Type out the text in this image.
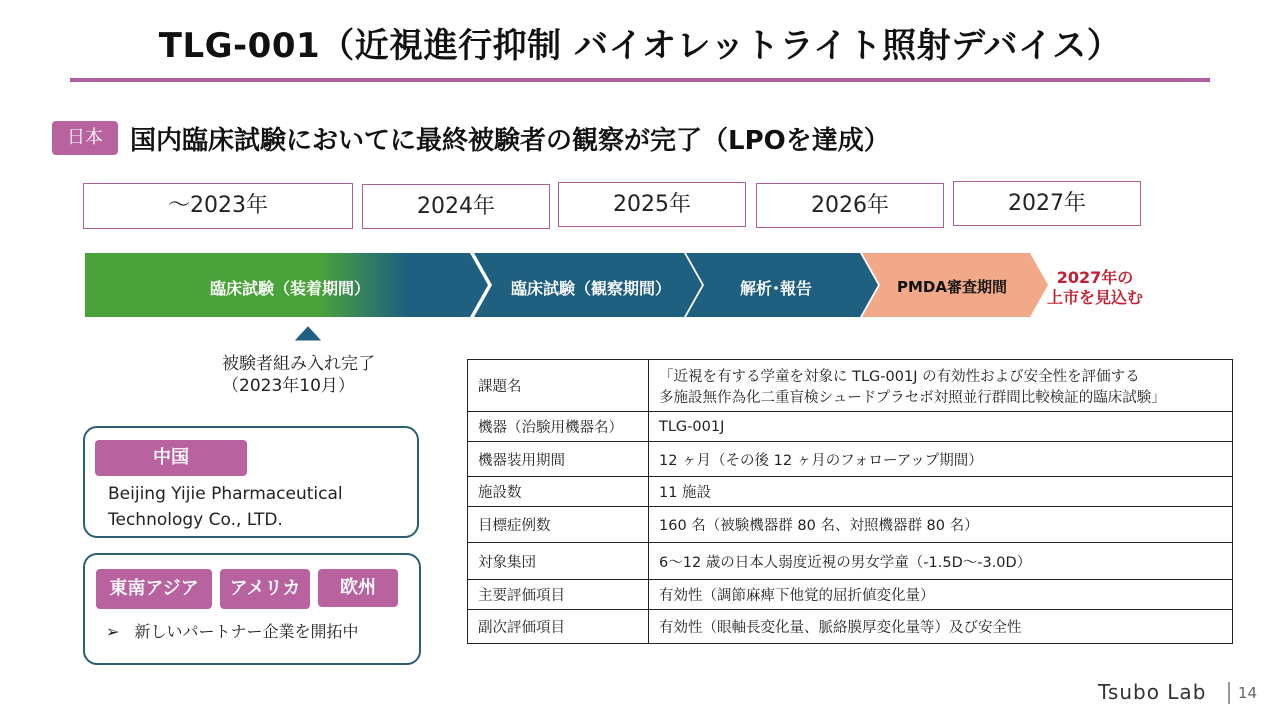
TLG-001（近視進行抑制 バイオレットライト照射デバイス）
日本	国内臨床試験においてに最終被験者の観察が完了（LPOを達成）
～2023年	2024年	2025年	2026年	2027年
臨床試験（装着期間）	臨床試験（観察期間）	解析･報告	PMDA審査期間	2027年の
上市を見込む
被験者組み入れ完了
（2023年10月）
中国
Beijing Yijie Pharmaceutical
Technology Co., LTD.
東南アジア	アメリカ	欧州
➢ 新しいパートナー企業を開拓中
課題名	「近視を有する学童を対象に TLG-001J の有効性および安全性を評価する
多施設無作為化二重盲検シュードプラセボ対照並行群間比較検証的臨床試験」

機器（治験用機器名）	TLG-001J
機器装用期間	12 ヶ月（その後 12 ヶ月のフォローアップ期間）
施設数	11 施設
目標症例数	160 名（被験機器群 80 名、対照機器群 80 名）
対象集団	6～12 歳の日本人弱度近視の男女学童（-1.5D～-3.0D）
主要評価項目	有効性（調節麻痺下他覚的屈折値変化量）
副次評価項目	有効性（眼軸長変化量、脈絡膜厚変化量等）及び安全性
Tsubo Lab 14
